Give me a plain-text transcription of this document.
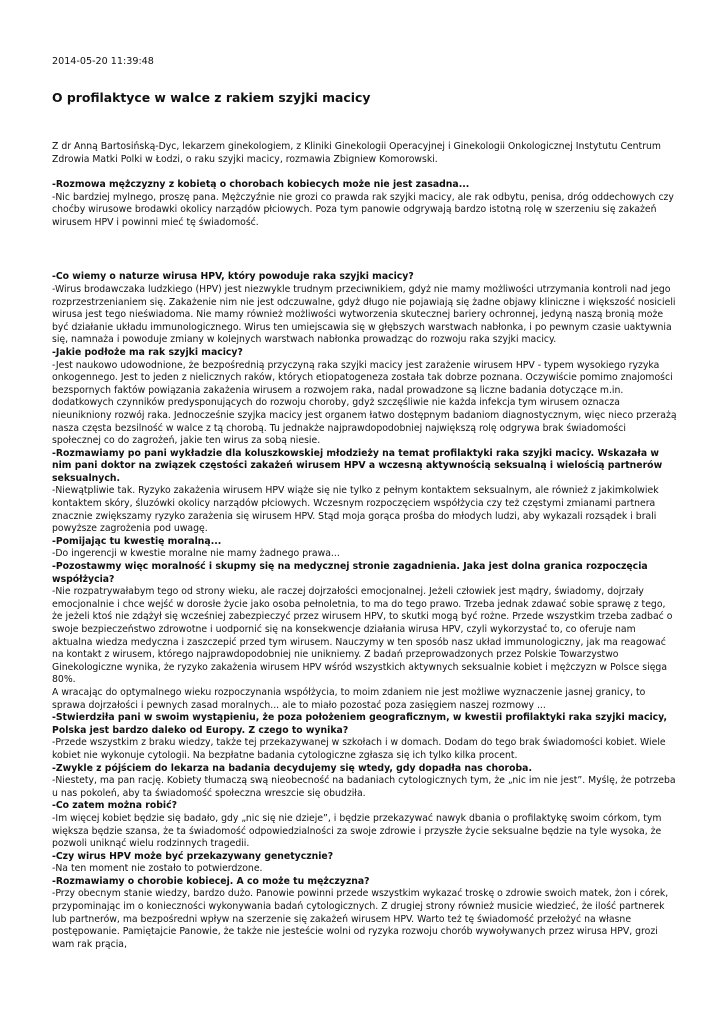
2014-05-20 11:39:48
O profilaktyce w walce z rakiem szyjki macicy

Z dr Anną Bartosińską-Dyc, lekarzem ginekologiem, z Kliniki Ginekologii Operacyjnej i Ginekologii Onkologicznej Instytutu Centrum Zdrowia Matki Polki w Łodzi, o raku szyjki macicy, rozmawia Zbigniew Komorowski.

-Rozmowa mężczyzny z kobietą o chorobach kobiecych może nie jest zasadna...

-Nic bardziej mylnego, proszę pana. Mężczyźnie nie grozi co prawda rak szyjki macicy, ale rak odbytu, penisa, dróg oddechowych czy choćby wirusowe brodawki okolicy narządów płciowych. Poza tym panowie odgrywają bardzo istotną rolę w szerzeniu się zakażeń wirusem HPV i powinni mieć tę świadomość.

-Co wiemy o naturze wirusa HPV, który powoduje raka szyjki macicy?

-Wirus brodawczaka ludzkiego (HPV) jest niezwykle trudnym przeciwnikiem, gdyż nie mamy możliwości utrzymania kontroli nad jego rozprzestrzenianiem się. Zakażenie nim nie jest odczuwalne, gdyż długo nie pojawiają się żadne objawy kliniczne i większość nosicieli wirusa jest tego nieświadoma. Nie mamy również możliwości wytworzenia skutecznej bariery ochronnej, jedyną naszą bronią może być działanie układu immunologicznego. Wirus ten umiejscawia się w głębszych warstwach nabłonka, i po pewnym czasie uaktywnia się, namnaża i powoduje zmiany w kolejnych warstwach nabłonka prowadząc do rozwoju raka szyjki macicy.

-Jakie podłoże ma rak szyjki macicy?

-Jest naukowo udowodnione, że bezpośrednią przyczyną raka szyjki macicy jest zarażenie wirusem HPV - typem wysokiego ryzyka onkogennego. Jest to jeden z nielicznych raków, których etiopatogeneza została tak dobrze poznana. Oczywiście pomimo znajomości bezspornych faktów powiązania zakażenia wirusem a rozwojem raka, nadal prowadzone są liczne badania dotyczące m.in. dodatkowych czynników predysponujących do rozwoju choroby, gdyż szczęśliwie nie każda infekcja tym wirusem oznacza nieunikniony rozwój raka. Jednocześnie szyjka macicy jest organem łatwo dostępnym badaniom diagnostycznym, więc nieco przerażą nasza częsta bezsilność w walce z tą chorobą. Tu jednakże najprawdopodobniej największą rolę odgrywa brak świadomości społecznej co do zagrożeń, jakie ten wirus za sobą niesie.

-Rozmawiamy po pani wykładzie dla koluszkowskiej młodzieży na temat profilaktyki raka szyjki macicy. Wskazała w nim pani doktor na związek częstości zakażeń wirusem HPV a wczesną aktywnością seksualną i wielością partnerów seksualnych.

-Niewątpliwie tak. Ryzyko zakażenia wirusem HPV wiąże się nie tylko z pełnym kontaktem seksualnym, ale również z jakimkolwiek kontaktem skóry, śluzówki okolicy narządów płciowych. Wczesnym rozpoczęciem współżycia czy też częstymi zmianami partnera znacznie zwiększamy ryzyko zarażenia się wirusem HPV. Stąd moja gorąca prośba do młodych ludzi, aby wykazali rozsądek i brali powyższe zagrożenia pod uwagę.

-Pomijając tu kwestię moralną...

-Do ingerencji w kwestie moralne nie mamy żadnego prawa...

-Pozostawmy więc moralność i skupmy się na medycznej stronie zagadnienia. Jaka jest dolna granica rozpoczęcia współżycia?

-Nie rozpatrywałabym tego od strony wieku, ale raczej dojrzałości emocjonalnej. Jeżeli człowiek jest mądry, świadomy, dojrzały emocjonalnie i chce wejść w dorosłe życie jako osoba pełnoletnia, to ma do tego prawo. Trzeba jednak zdawać sobie sprawę z tego, że jeżeli ktoś nie zdążył się wcześniej zabezpieczyć przez wirusem HPV, to skutki mogą być rożne. Przede wszystkim trzeba zadbać o swoje bezpieczeństwo zdrowotne i uodpornić się na konsekwencje działania wirusa HPV, czyli wykorzystać to, co oferuje nam aktualna wiedza medyczna i zaszczepić przed tym wirusem. Nauczymy w ten sposób nasz układ immunologiczny, jak ma reagować na kontakt z wirusem, którego najprawdopodobniej nie unikniemy. Z badań przeprowadzonych przez Polskie Towarzystwo Ginekologiczne wynika, że ryzyko zakażenia wirusem HPV wśród wszystkich aktywnych seksualnie kobiet i mężczyzn w Polsce sięga 80%.

A wracając do optymalnego wieku rozpoczynania współżycia, to moim zdaniem nie jest możliwe wyznaczenie jasnej granicy, to sprawa dojrzałości i pewnych zasad moralnych... ale to miało pozostać poza zasięgiem naszej rozmowy ...

-Stwierdziła pani w swoim wystąpieniu, że poza położeniem geograficznym, w kwestii profilaktyki raka szyjki macicy, Polska jest bardzo daleko od Europy. Z czego to wynika?

-Przede wszystkim z braku wiedzy, także tej przekazywanej w szkołach i w domach. Dodam do tego brak świadomości kobiet. Wiele kobiet nie wykonuje cytologii. Na bezpłatne badania cytologiczne zgłasza się ich tylko kilka procent.

-Zwykle z pójściem do lekarza na badania decydujemy się wtedy, gdy dopadła nas choroba.

-Niestety, ma pan rację. Kobiety tłumaczą swą nieobecność na badaniach cytologicznych tym, że „nic im nie jest”. Myślę, że potrzeba u nas pokoleń, aby ta świadomość społeczna wreszcie się obudziła.

-Co zatem można robić?

-Im więcej kobiet będzie się badało, gdy „nic się nie dzieje”, i będzie przekazywać nawyk dbania o profilaktykę swoim córkom, tym większa będzie szansa, że ta świadomość odpowiedzialności za swoje zdrowie i przyszłe życie seksualne będzie na tyle wysoka, że pozwoli uniknąć wielu rodzinnych tragedii.

-Czy wirus HPV może być przekazywany genetycznie?

-Na ten moment nie zostało to potwierdzone.

-Rozmawiamy o chorobie kobiecej. A co może tu mężczyzna?

-Przy obecnym stanie wiedzy, bardzo dużo. Panowie powinni przede wszystkim wykazać troskę o zdrowie swoich matek, żon i córek, przypominając im o konieczności wykonywania badań cytologicznych. Z drugiej strony również musicie wiedzieć, że ilość partnerek lub partnerów, ma bezpośredni wpływ na szerzenie się zakażeń wirusem HPV. Warto też tę świadomość przełożyć na własne postępowanie. Pamiętajcie Panowie, że także nie jesteście wolni od ryzyka rozwoju chorób wywoływanych przez wirusa HPV, grozi wam rak prącia,
